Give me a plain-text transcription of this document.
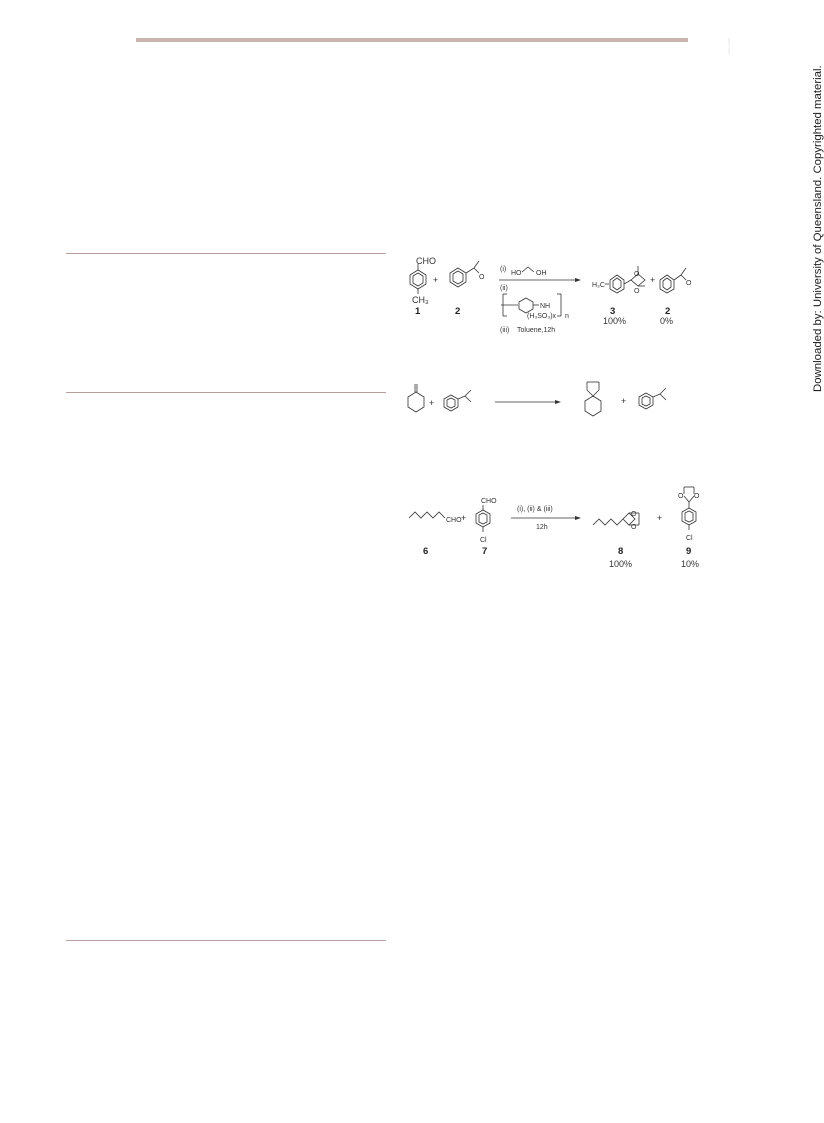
| |
Downloaded by: University of Queensland. Copyrighted material.
CHO
CH₃
+	O
(i)
HO OH
(ii)
NH
(H₃SO₃)x n
(iii) Toluene,12h
H₃C
O
O
+	O
1	2	3	2
100%	0%
+	+
CHO +
CHO
Cl
(i), (ii) & (iii)
12h
O
O
+
O O
Cl
6	7	8	9
100%	10%
